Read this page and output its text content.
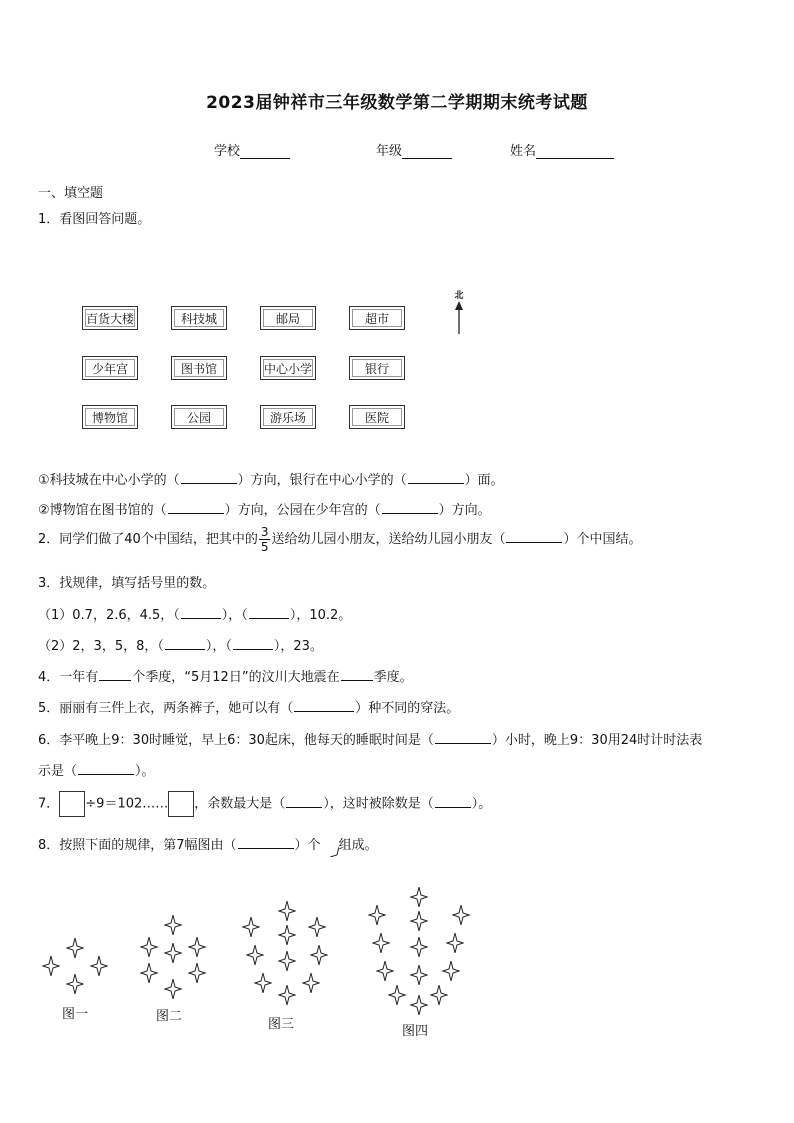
2023届钟祥市三年级数学第二学期期末统考试题
学校	年级	姓名
一、填空题
1．看图回答问题。
百货大楼	科技城	邮局	超市
少年宫	图书馆	中心小学	银行
博物馆	公园	游乐场	医院
北
①科技城在中心小学的（	）方向，银行在中心小学的（	）面。
②博物馆在图书馆的（	）方向，公园在少年宫的（	）方向。
2．同学们做了40个中国结，把其中的 $\frac{3}{5}$ 送给幼儿园小朋友，送给幼儿园小朋友（	）个中国结。
3．找规律，填写括号里的数。
（1）0.7，2.6，4.5，（	），（	），10.2。
（2）2，3，5，8，（	），（	），23。
4．一年有	个季度，“5月12日”的汶川大地震在	季度。
5．丽丽有三件上衣，两条裤子，她可以有（	）种不同的穿法。
6．李平晚上9：30时睡觉，早上6：30起床，他每天的睡眠时间是（	）小时，晚上9：30用24时计时法表
示是（	）。
7． ÷9＝102…… ，余数最大是（	），这时被除数是（	）。
8．按照下面的规律，第7幅图由（	）个 组成。
图一	图二
图三	图四
